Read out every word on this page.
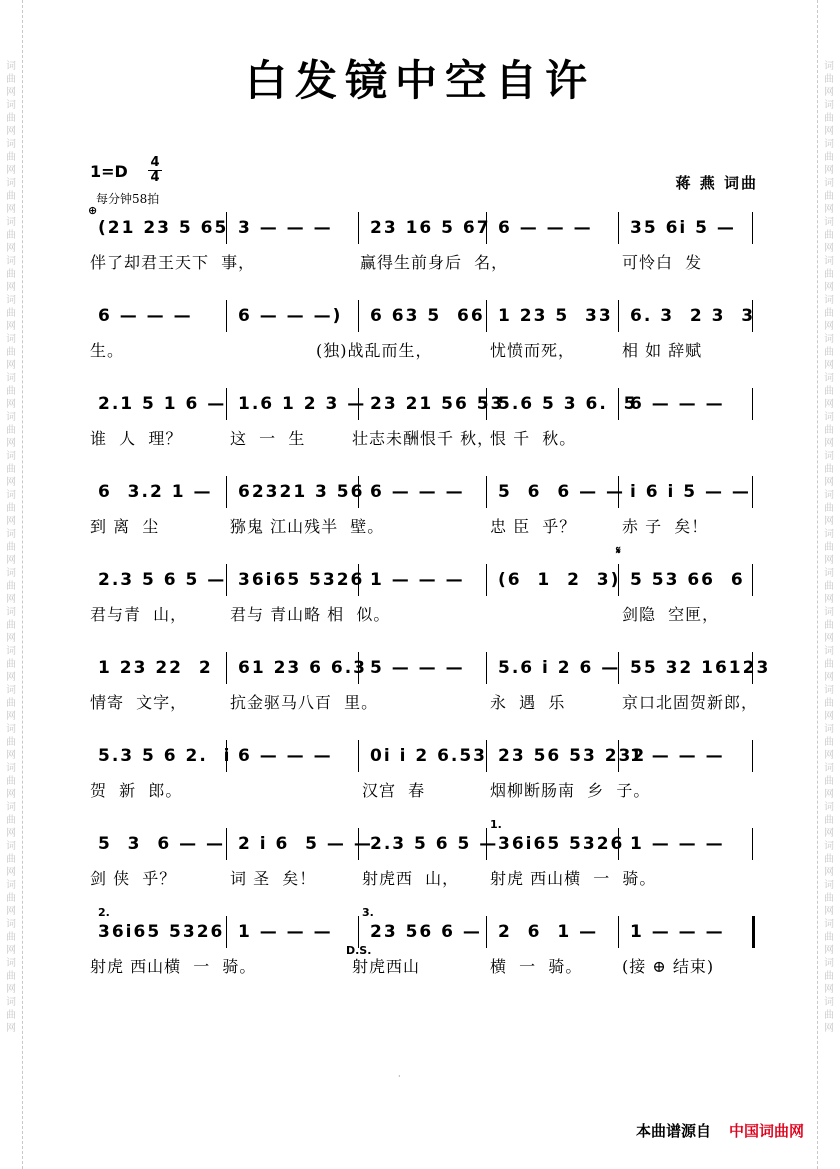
词曲网词曲网词曲网词曲网词曲网词曲网词曲网词曲网词曲网词曲网词曲网词曲网词曲网词曲网词曲网词曲网词曲网词曲网词曲网词曲网词曲网词曲网词曲网词曲网词曲网
词曲网词曲网词曲网词曲网词曲网词曲网词曲网词曲网词曲网词曲网词曲网词曲网词曲网词曲网词曲网词曲网词曲网词曲网词曲网词曲网词曲网词曲网词曲网词曲网词曲网
白发镜中空自许
1=D 4
4
每分钟58拍
蒋 燕 词曲
(21 23 5 65 3 — — — 23 16 5 67 6 — — — 35 6i 5 —
伴了却君王天下  事，	赢得生前身后  名，	可怜白  发
6 — — —	6 — — —) 6 63 5  66 1 23 5  33 6. 3  2 3  3
生。	(独)战乱而生，	忧愤而死，	相 如 辞赋
2.1 5 1 6 — 1.6 1 2 3 — 23 21 56 53
5.6 5 3 6.  5
6 — — —
谁  人  理？	这  一  生	壮志未酬恨千 秋，
恨 千  秋。
6  3.2 1 — 62321 3 56 6 — — — 5  6  6 — — i 6 i 5 — —
到 离  尘	猕鬼 江山残半  壁。	忠 臣  乎？	赤 子  矣！
2.3 5 6 5 — 36i65 5326 1 — — — (6  1  2  3) 5 53 66  6
君与青  山，	君与 青山略 相  似。	剑隐  空匣，
1 23 22  2 61 23 6 6.3 5 — — — 5.6 i 2 6 — 55 32 16123
情寄  文字，	抗金驱马八百  里。	永  遇  乐	京口北固贺新郎，
5.3 5 6 2.  i 6 — — — 0i i 2 6.53 23 56 53 232
1 — — —
贺  新  郎。	汉宫  春	烟柳断肠南  乡  子。
5  3  6 — — 2 i 6  5 — —
2.3 5 6 5 — 36i65 5326 1 — — —
剑 侠  乎？	词 圣  矣！	射虎西  山， 射虎 西山横  一  骑。
36i65 5326 1 — — — 23 56 6 — 2  6  1 — 1 — — —
射虎 西山横  一  骑。	射虎西山	横  一  骑。 (接 ⊕ 结束)
·
本曲谱源自 中国词曲网
1.
2.	3.
D.S.
𝄋
⊕
